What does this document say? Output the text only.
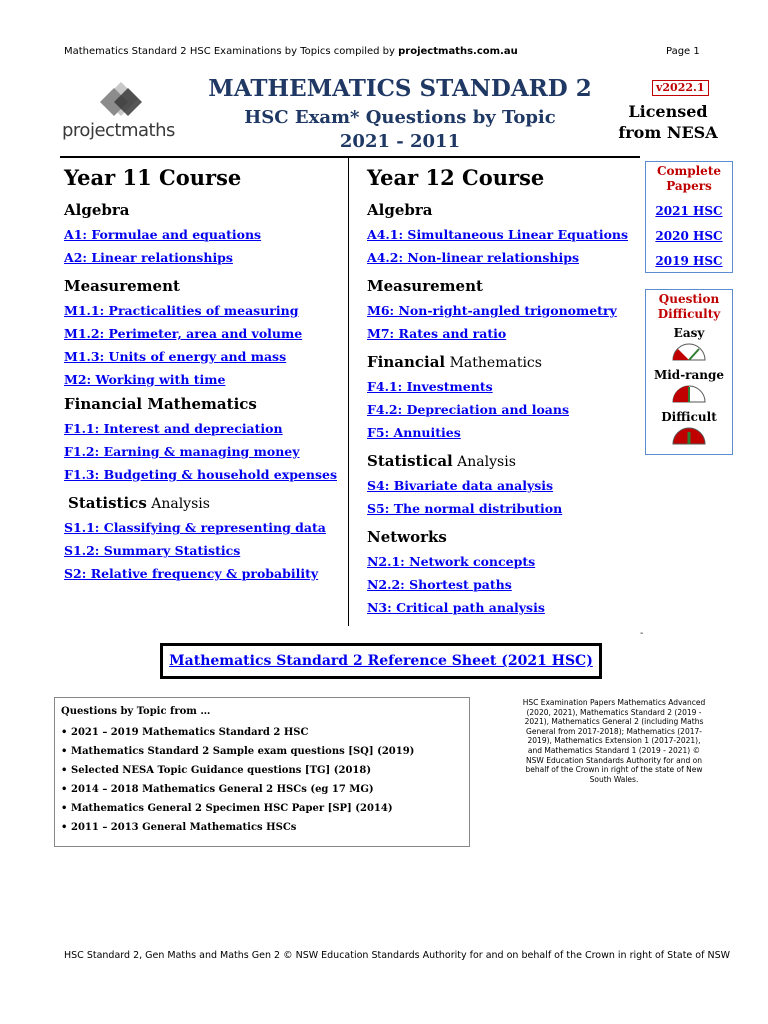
Mathematics Standard 2 HSC Examinations by Topics compiled by projectmaths.com.au	Page 1
projectmaths
MATHEMATICS STANDARD 2
HSC Exam* Questions by Topic
2021 - 2011
v2022.1
Licensed
from NESA
Year 11 Course
Algebra
A1: Formulae and equations
A2: Linear relationships
Measurement
M1.1: Practicalities of measuring
M1.2: Perimeter, area and volume
M1.3: Units of energy and mass
M2: Working with time
Financial Mathematics
F1.1: Interest and depreciation
F1.2: Earning & managing money
F1.3: Budgeting & household expenses
Statistics Analysis
S1.1: Classifying & representing data
S1.2: Summary Statistics
S2: Relative frequency & probability
Year 12 Course
Algebra
A4.1: Simultaneous Linear Equations
A4.2: Non-linear relationships
Measurement
M6: Non-right-angled trigonometry
M7: Rates and ratio
Financial Mathematics
F4.1: Investments
F4.2: Depreciation and loans
F5: Annuities
Statistical Analysis
S4: Bivariate data analysis
S5: The normal distribution
Networks
N2.1: Network concepts
N2.2: Shortest paths
N3: Critical path analysis
-
Complete
Papers
2021 HSC
2020 HSC
2019 HSC
Question
Difficulty
Easy
Mid-range
Difficult
Mathematics Standard 2 Reference Sheet (2021 HSC)
Questions by Topic from …
• 2021 – 2019 Mathematics Standard 2 HSC
• Mathematics Standard 2 Sample exam questions [SQ] (2019)
• Selected NESA Topic Guidance questions [TG] (2018)
• 2014 – 2018 Mathematics General 2 HSCs (eg 17 MG)
• Mathematics General 2 Specimen HSC Paper [SP] (2014)
• 2011 – 2013 General Mathematics HSCs
HSC Examination Papers Mathematics Advanced (2020, 2021), Mathematics Standard 2 (2019 - 2021), Mathematics General 2 (including Maths General from 2017-2018); Mathematics (2017-2019), Mathematics Extension 1 (2017-2021), and Mathematics Standard 1 (2019 - 2021) © NSW Education Standards Authority for and on behalf of the Crown in right of the state of New South Wales.
HSC Standard 2, Gen Maths and Maths Gen 2 © NSW Education Standards Authority for and on behalf of the Crown in right of State of NSW
